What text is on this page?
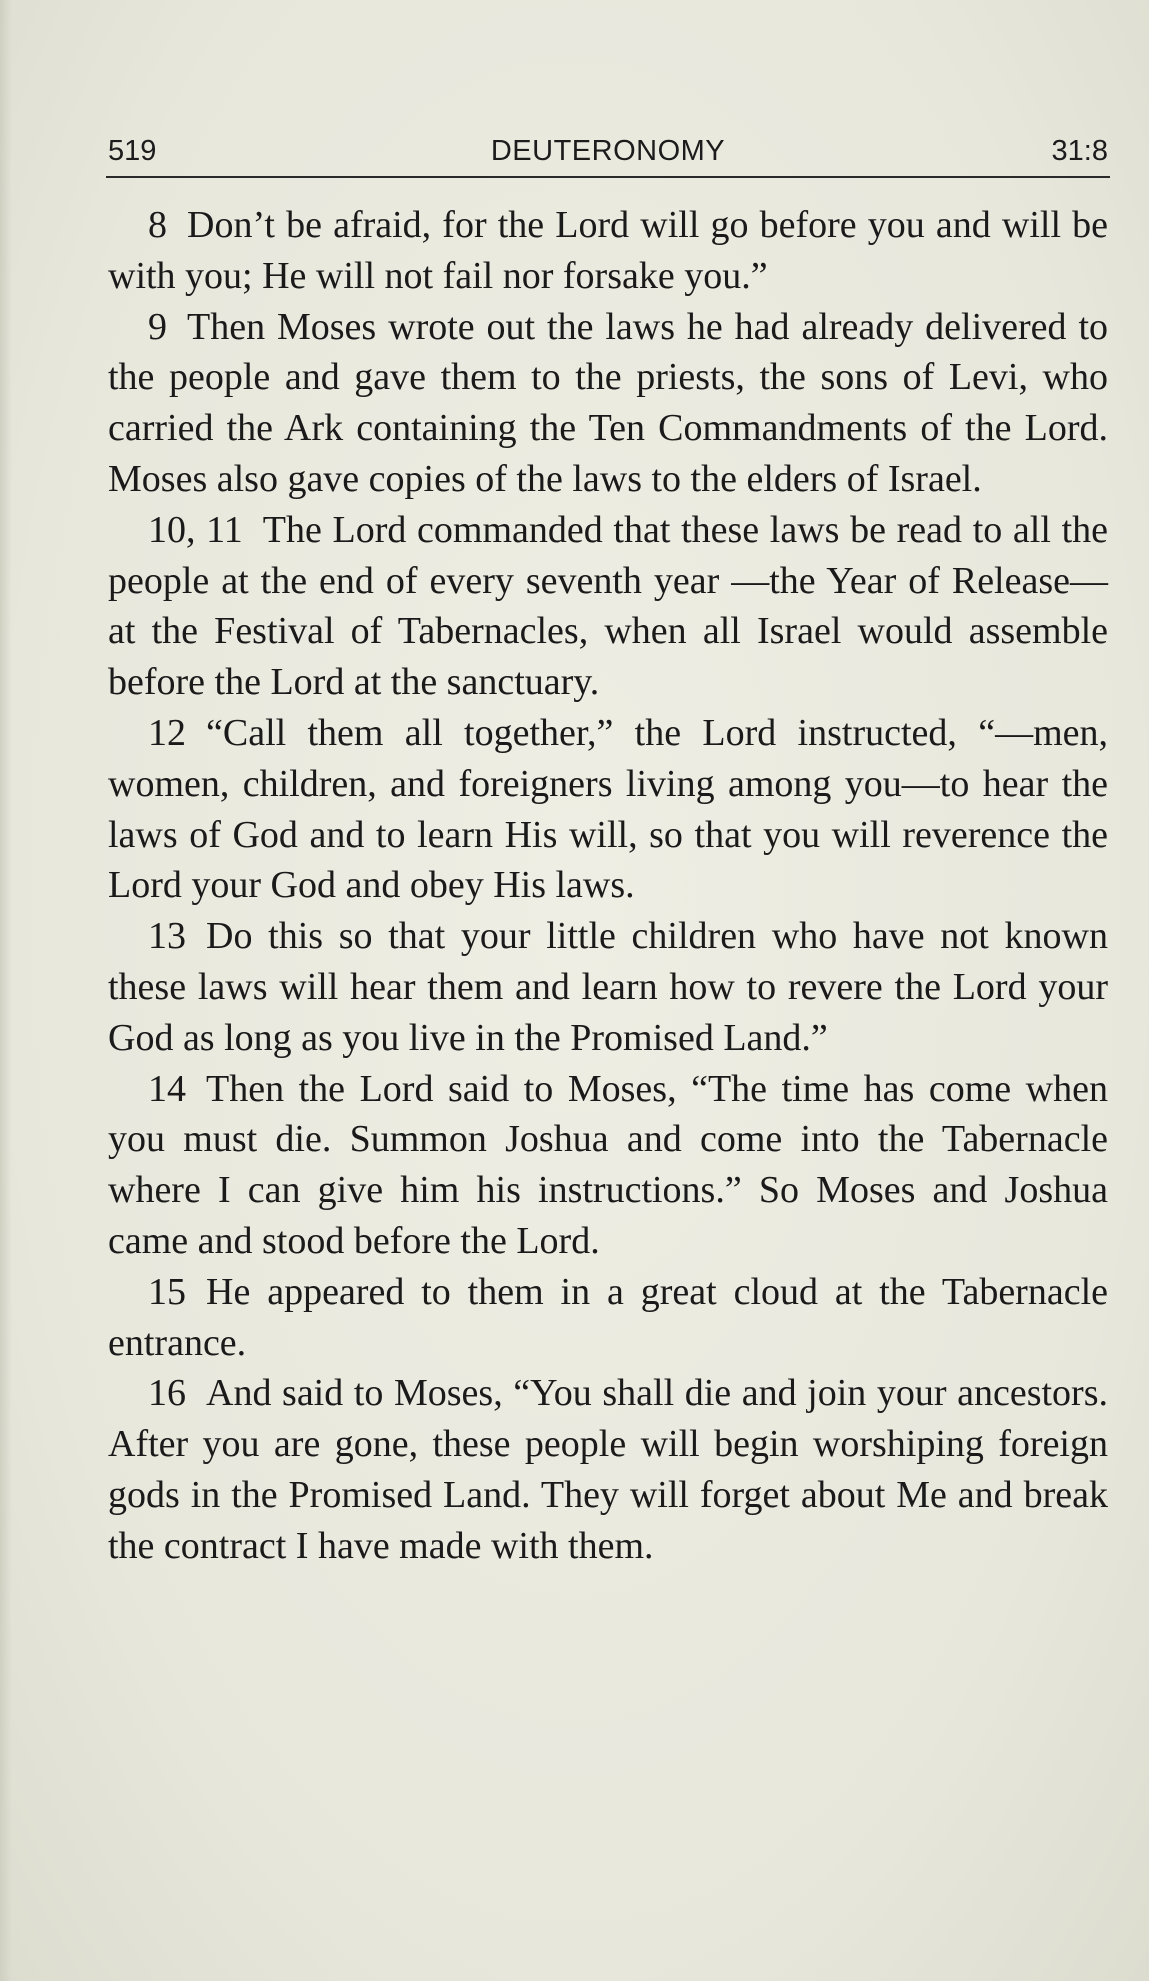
519	DEUTERONOMY	31:8

8 Don’t be afraid, for the Lord will go before you and will be with you; He will not fail nor forsake you.”

9 Then Moses wrote out the laws he had already delivered to the people and gave them to the priests, the sons of Levi, who carried the Ark containing the Ten Commandments of the Lord. Moses also gave copies of the laws to the elders of Israel.

10, 11 The Lord commanded that these laws be read to all the people at the end of every seventh year —the Year of Release—at the Festival of Tabernacles, when all Israel would assemble before the Lord at the sanctuary.

12 “Call them all together,” the Lord instructed, “—men, women, children, and foreigners living among you—to hear the laws of God and to learn His will, so that you will reverence the Lord your God and obey His laws.

13 Do this so that your little children who have not known these laws will hear them and learn how to revere the Lord your God as long as you live in the Promised Land.”

14 Then the Lord said to Moses, “The time has come when you must die. Summon Joshua and come into the Tabernacle where I can give him his instructions.” So Moses and Joshua came and stood before the Lord.

15 He appeared to them in a great cloud at the Tabernacle entrance.

16 And said to Moses, “You shall die and join your ancestors. After you are gone, these people will begin worshiping foreign gods in the Promised Land. They will forget about Me and break the contract I have made with them.
